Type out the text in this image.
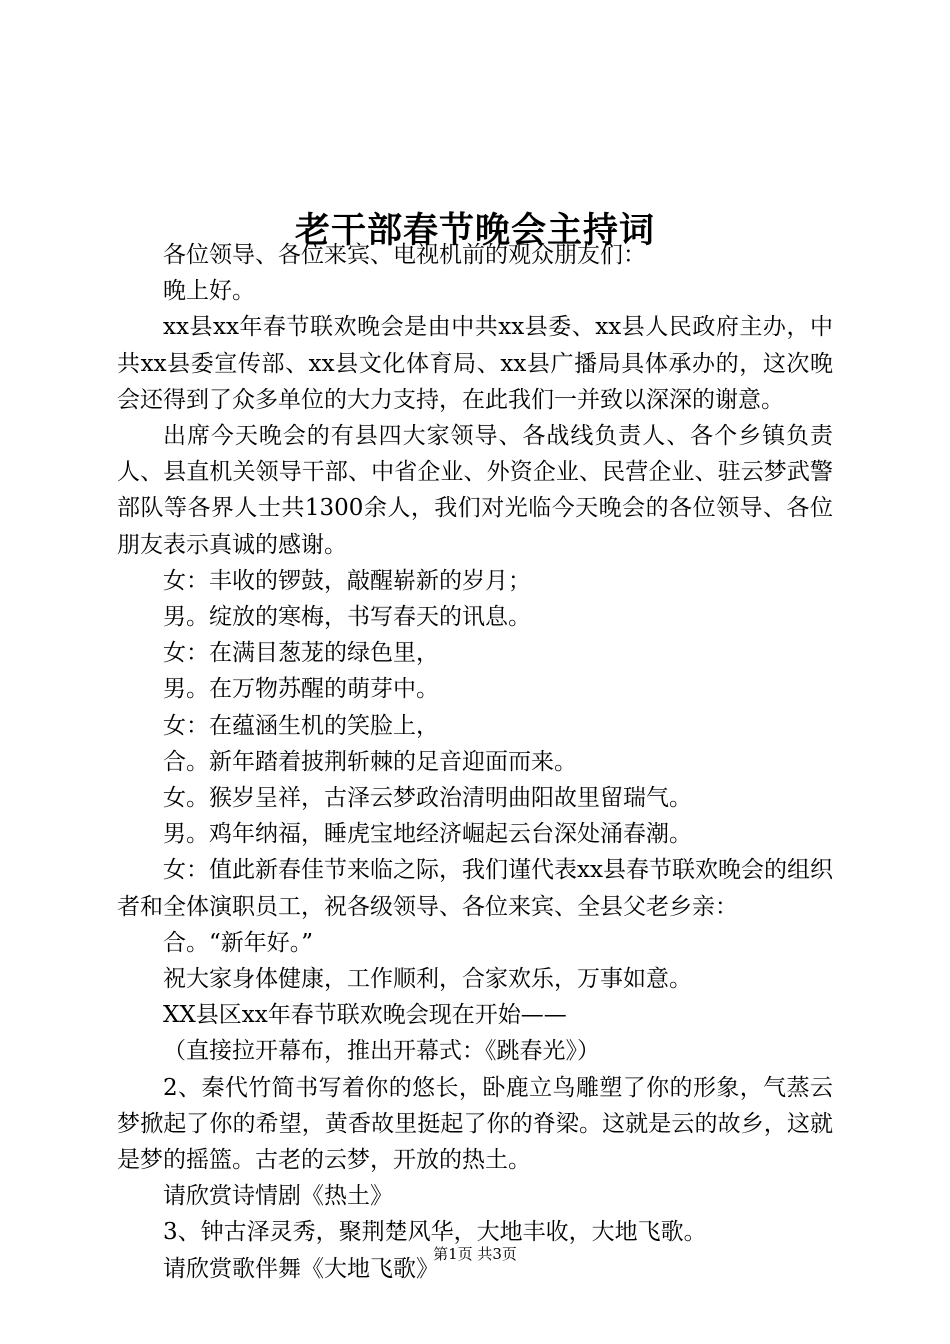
老干部春节晚会主持词

各位领导、各位来宾、电视机前的观众朋友们：

晚上好。

xx县xx年春节联欢晚会是由中共xx县委、xx县人民政府主办，中共xx县委宣传部、xx县文化体育局、xx县广播局具体承办的，这次晚会还得到了众多单位的大力支持，在此我们一并致以深深的谢意。

出席今天晚会的有县四大家领导、各战线负责人、各个乡镇负责人、县直机关领导干部、中省企业、外资企业、民营企业、驻云梦武警部队等各界人士共1300余人，我们对光临今天晚会的各位领导、各位朋友表示真诚的感谢。

女：丰收的锣鼓，敲醒崭新的岁月；

男。绽放的寒梅，书写春天的讯息。

女：在满目葱茏的绿色里，

男。在万物苏醒的萌芽中。

女：在蕴涵生机的笑脸上，

合。新年踏着披荆斩棘的足音迎面而来。

女。猴岁呈祥，古泽云梦政治清明曲阳故里留瑞气。

男。鸡年纳福，睡虎宝地经济崛起云台深处涌春潮。

女：值此新春佳节来临之际，我们谨代表xx县春节联欢晚会的组织者和全体演职员工，祝各级领导、各位来宾、全县父老乡亲：

合。“新年好。”

祝大家身体健康，工作顺利，合家欢乐，万事如意。

XX县区xx年春节联欢晚会现在开始——

（直接拉开幕布，推出开幕式：《跳春光》）

2、秦代竹简书写着你的悠长，卧鹿立鸟雕塑了你的形象，气蒸云梦掀起了你的希望，黄香故里挺起了你的脊梁。这就是云的故乡，这就是梦的摇篮。古老的云梦，开放的热土。

请欣赏诗情剧《热土》

3、钟古泽灵秀，聚荆楚风华，大地丰收，大地飞歌。

请欣赏歌伴舞《大地飞歌》

第1页 共3页
